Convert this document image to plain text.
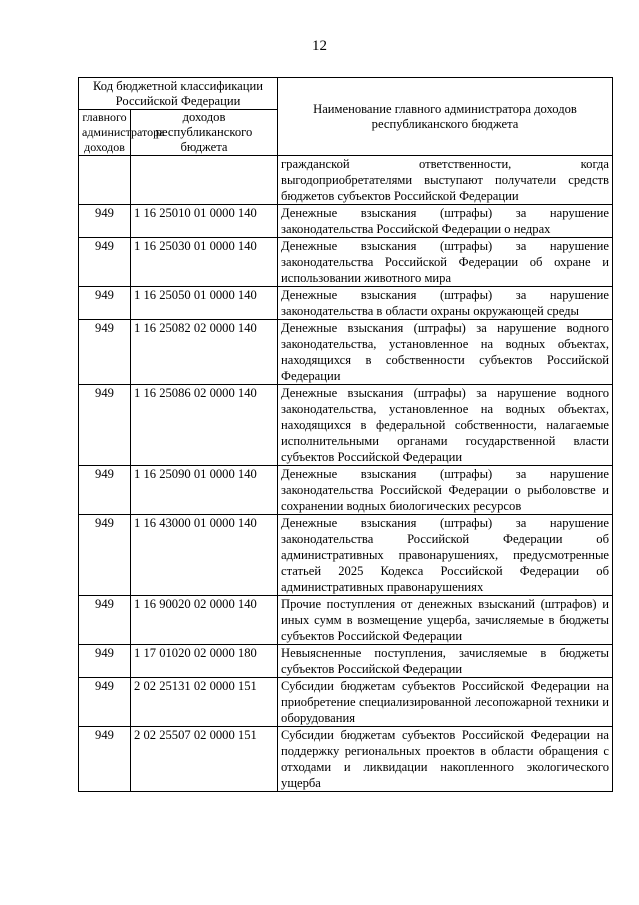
12
Код бюджетной классификации Российской Федерации		Наименование главного администратора доходов республиканского бюджета
главного администратора доходов	доходов республиканского бюджета	
		гражданской ответственности, когда выгодоприобретателями выступают получатели средств бюджетов субъектов Российской Федерации
949	1 16 25010 01 0000 140	Денежные взыскания (штрафы) за нарушение законодательства Российской Федерации о недрах
949	1 16 25030 01 0000 140	Денежные взыскания (штрафы) за нарушение законодательства Российской Федерации об охране и использовании животного мира
949	1 16 25050 01 0000 140	Денежные взыскания (штрафы) за нарушение законодательства в области охраны окружающей среды
949	1 16 25082 02 0000 140	Денежные взыскания (штрафы) за нарушение водного законодательства, установленное на водных объектах, находящихся в собственности субъектов Российской Федерации
949	1 16 25086 02 0000 140	Денежные взыскания (штрафы) за нарушение водного законодательства, установленное на водных объектах, находящихся в федеральной собственности, налагаемые исполнительными органами государственной власти субъектов Российской Федерации
949	1 16 25090 01 0000 140	Денежные взыскания (штрафы) за нарушение законодательства Российской Федерации о рыболовстве и сохранении водных биологических ресурсов
949	1 16 43000 01 0000 140	Денежные взыскания (штрафы) за нарушение законодательства Российской Федерации об административных правонарушениях, предусмотренные статьей 2025 Кодекса Российской Федерации об административных правонарушениях
949	1 16 90020 02 0000 140	Прочие поступления от денежных взысканий (штрафов) и иных сумм в возмещение ущерба, зачисляемые в бюджеты субъектов Российской Федерации
949	1 17 01020 02 0000 180	Невыясненные поступления, зачисляемые в бюджеты субъектов Российской Федерации
949	2 02 25131 02 0000 151	Субсидии бюджетам субъектов Российской Федерации на приобретение специализированной лесопожарной техники и оборудования
949	2 02 25507 02 0000 151	Субсидии бюджетам субъектов Российской Федерации на поддержку региональных проектов в области обращения с отходами и ликвидации накопленного экологического ущерба
